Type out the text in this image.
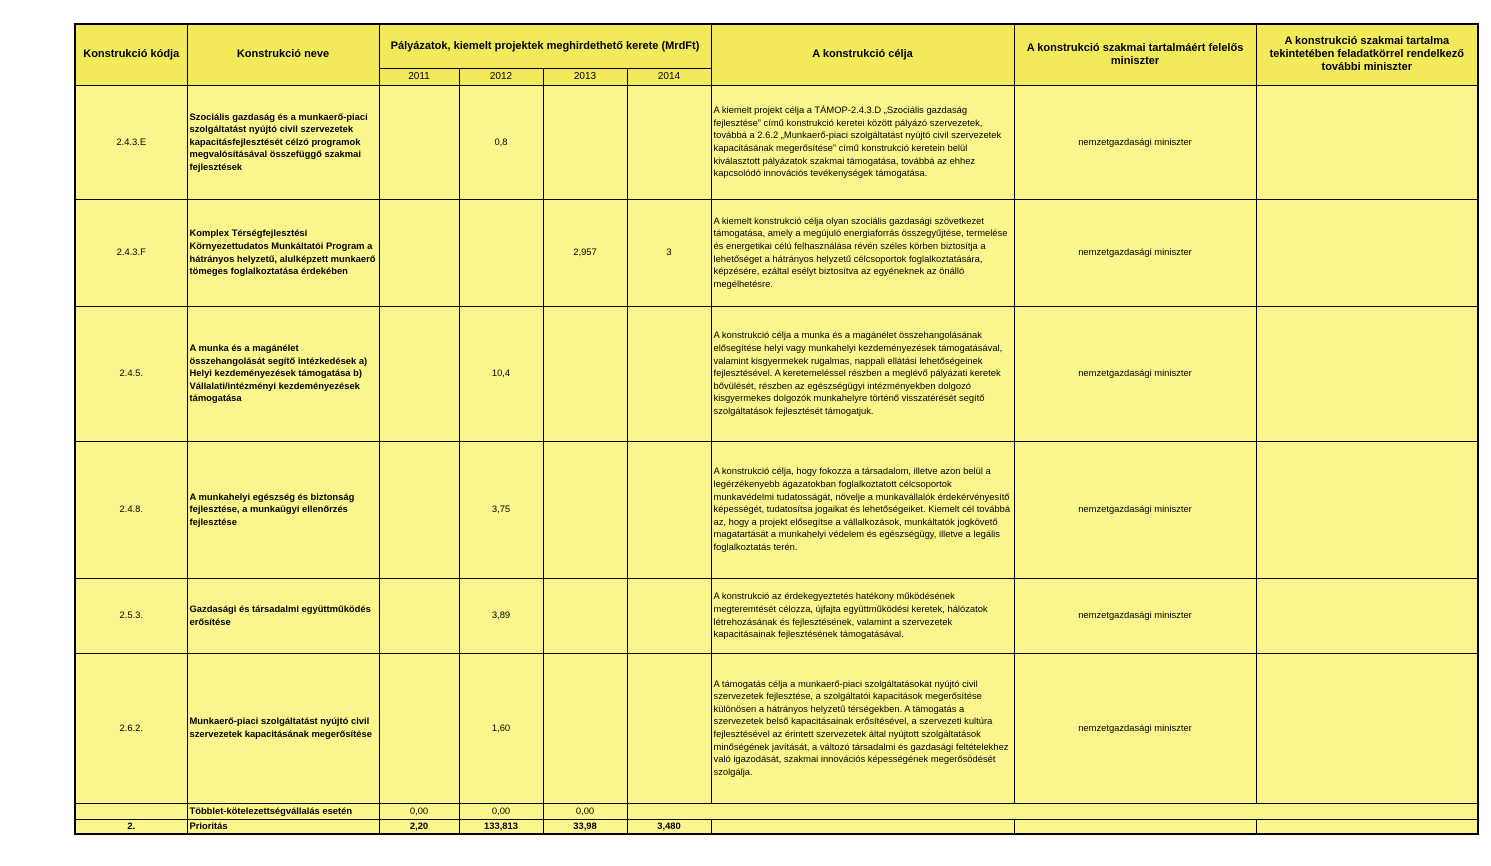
Konstrukció kódja	Konstrukció neve	Pályázatok, kiemelt projektek meghirdethető kerete (MrdFt)				A konstrukció célja	A konstrukció szakmai tartalmáért felelős miniszter	A konstrukció szakmai tartalma tekintetében feladatkörrel rendelkező további miniszter
		2011	2012	2013	2014			
2.4.3.E	Szociális gazdaság és a munkaerő-piaci szolgáltatást nyújtó civil szervezetek kapacitásfejlesztését célzó programok megvalósításával összefüggő szakmai fejlesztések		0,8			A kiemelt projekt célja a TÁMOP-2.4.3.D „Szociális gazdaság fejlesztése” című konstrukció keretei között pályázó szervezetek, továbbá a 2.6.2 „Munkaerő-piaci szolgáltatást nyújtó civil szervezetek kapacitásának megerősítése” című konstrukció keretein belül kiválasztott pályázatok szakmai támogatása, továbbá az ehhez kapcsolódó innovációs tevékenységek támogatása.	nemzetgazdasági miniszter	
2.4.3.F	Komplex Térségfejlesztési Környezettudatos Munkáltatói Program a hátrányos helyzetű, alulképzett munkaerő tömeges foglalkoztatása érdekében			2,957	3	A kiemelt konstrukció célja olyan szociális gazdasági szövetkezet támogatása, amely a megújuló energiaforrás összegyűjtése, termelése és energetikai célú felhasználása révén széles körben biztosítja a lehetőséget a hátrányos helyzetű célcsoportok foglalkoztatására, képzésére, ezáltal esélyt biztosítva az egyéneknek az önálló megélhetésre.	nemzetgazdasági miniszter	
2.4.5.	A munka és a magánélet összehangolását segítő intézkedések a) Helyi kezdeményezések támogatása b) Vállalati/intézményi kezdeményezések támogatása		10,4			A konstrukció célja a munka és a magánélet összehangolásának elősegítése helyi vagy munkahelyi kezdeményezések támogatásával, valamint kisgyermekek rugalmas, nappali ellátási lehetőségeinek fejlesztésével. A keretemeléssel részben a meglévő pályázati keretek bővülését, részben az egészségügyi intézményekben dolgozó kisgyermekes dolgozók munkahelyre történő visszatérését segítő szolgáltatások fejlesztését támogatjuk.	nemzetgazdasági miniszter	
2.4.8.	A munkahelyi egészség és biztonság fejlesztése, a munkaügyi ellenőrzés fejlesztése		3,75			A konstrukció célja, hogy fokozza a társadalom, illetve azon belül a legérzékenyebb ágazatokban foglalkoztatott célcsoportok munkavédelmi tudatosságát, növelje a munkavállalók érdekérvényesítő képességét, tudatosítsa jogaikat és lehetőségeiket. Kiemelt cél továbbá az, hogy a projekt elősegítse a vállalkozások, munkáltatók jogkövető magatartását a munkahelyi védelem és egészségügy, illetve a legális foglalkoztatás terén.	nemzetgazdasági miniszter	
2.5.3.	Gazdasági és társadalmi együttműködés erősítése		3,89			A konstrukció az érdekegyeztetés hatékony működésének megteremtését célozza, újfajta együttműködési keretek, hálózatok létrehozásának és fejlesztésének, valamint a szervezetek kapacitásainak fejlesztésének támogatásával.	nemzetgazdasági miniszter	
2.6.2.	Munkaerő-piaci szolgáltatást nyújtó civil szervezetek kapacitásának megerősítése		1,60			A támogatás célja a munkaerő-piaci szolgáltatásokat nyújtó civil szervezetek fejlesztése, a szolgáltatói kapacitások megerősítése különösen a hátrányos helyzetű térségekben. A támogatás a szervezetek belső kapacitásainak erősítésével, a szervezeti kultúra fejlesztésével az érintett szervezetek által nyújtott szolgáltatások minőségének javítását, a változó társadalmi és gazdasági feltételekhez való igazodását, szakmai innovációs képességének megerősödését szolgálja.	nemzetgazdasági miniszter	
	Többlet-kötelezettségvállalás esetén	0,00	0,00	0,00				
2.	Prioritás	2,20	133,813	33,98	3,480			
